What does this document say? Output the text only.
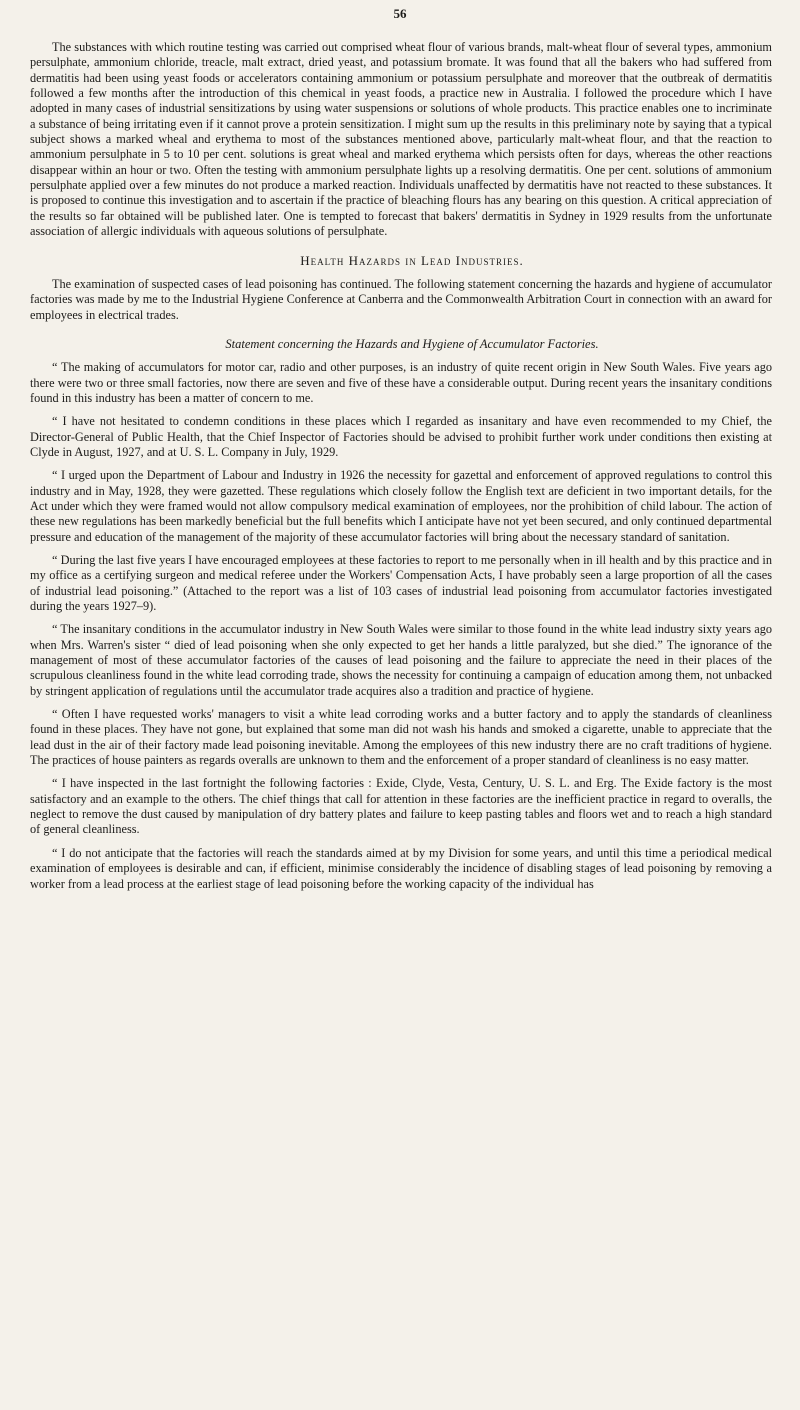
56

The substances with which routine testing was carried out comprised wheat flour of various brands, malt-wheat flour of several types, ammonium persulphate, ammonium chloride, treacle, malt extract, dried yeast, and potassium bromate. It was found that all the bakers who had suffered from dermatitis had been using yeast foods or accelerators containing ammonium or potassium persulphate and moreover that the outbreak of dermatitis followed a few months after the introduction of this chemical in yeast foods, a practice new in Australia. I followed the procedure which I have adopted in many cases of industrial sensitizations by using water suspensions or solutions of whole products. This practice enables one to incriminate a substance of being irritating even if it cannot prove a protein sensitization. I might sum up the results in this preliminary note by saying that a typical subject shows a marked wheal and erythema to most of the substances mentioned above, particularly malt-wheat flour, and that the reaction to ammonium persulphate in 5 to 10 per cent. solutions is great wheal and marked erythema which persists often for days, whereas the other reactions disappear within an hour or two. Often the testing with ammonium persulphate lights up a resolving dermatitis. One per cent. solutions of ammonium persulphate applied over a few minutes do not produce a marked reaction. Individuals unaffected by dermatitis have not reacted to these substances. It is proposed to continue this investigation and to ascertain if the practice of bleaching flours has any bearing on this question. A critical appreciation of the results so far obtained will be published later. One is tempted to forecast that bakers' dermatitis in Sydney in 1929 results from the unfortunate association of allergic individuals with aqueous solutions of persulphate.

Health Hazards in Lead Industries.

The examination of suspected cases of lead poisoning has continued. The following statement concerning the hazards and hygiene of accumulator factories was made by me to the Industrial Hygiene Conference at Canberra and the Commonwealth Arbitration Court in connection with an award for employees in electrical trades.

Statement concerning the Hazards and Hygiene of Accumulator Factories.

“ The making of accumulators for motor car, radio and other purposes, is an industry of quite recent origin in New South Wales. Five years ago there were two or three small factories, now there are seven and five of these have a considerable output. During recent years the insanitary conditions found in this industry has been a matter of concern to me.

“ I have not hesitated to condemn conditions in these places which I regarded as insanitary and have even recommended to my Chief, the Director-General of Public Health, that the Chief Inspector of Factories should be advised to prohibit further work under conditions then existing at Clyde in August, 1927, and at U. S. L. Company in July, 1929.

“ I urged upon the Department of Labour and Industry in 1926 the necessity for gazettal and enforcement of approved regulations to control this industry and in May, 1928, they were gazetted. These regulations which closely follow the English text are deficient in two important details, for the Act under which they were framed would not allow compulsory medical examination of employees, nor the prohibition of child labour. The action of these new regulations has been markedly beneficial but the full benefits which I anticipate have not yet been secured, and only continued departmental pressure and education of the management of the majority of these accumulator factories will bring about the necessary standard of sanitation.

“ During the last five years I have encouraged employees at these factories to report to me personally when in ill health and by this practice and in my office as a certifying surgeon and medical referee under the Workers' Compensation Acts, I have probably seen a large proportion of all the cases of industrial lead poisoning.” (Attached to the report was a list of 103 cases of industrial lead poisoning from accumulator factories investigated during the years 1927–9).

“ The insanitary conditions in the accumulator industry in New South Wales were similar to those found in the white lead industry sixty years ago when Mrs. Warren's sister “ died of lead poisoning when she only expected to get her hands a little paralyzed, but she died.” The ignorance of the management of most of these accumulator factories of the causes of lead poisoning and the failure to appreciate the need in their places of the scrupulous cleanliness found in the white lead corroding trade, shows the necessity for continuing a campaign of education among them, not unbacked by stringent application of regulations until the accumulator trade acquires also a tradition and practice of hygiene.

“ Often I have requested works' managers to visit a white lead corroding works and a butter factory and to apply the standards of cleanliness found in these places. They have not gone, but explained that some man did not wash his hands and smoked a cigarette, unable to appreciate that the lead dust in the air of their factory made lead poisoning inevitable. Among the employees of this new industry there are no craft traditions of hygiene. The practices of house painters as regards overalls are unknown to them and the enforcement of a proper standard of cleanliness is no easy matter.

“ I have inspected in the last fortnight the following factories : Exide, Clyde, Vesta, Century, U. S. L. and Erg. The Exide factory is the most satisfactory and an example to the others. The chief things that call for attention in these factories are the inefficient practice in regard to overalls, the neglect to remove the dust caused by manipulation of dry battery plates and failure to keep pasting tables and floors wet and to reach a high standard of general cleanliness.

“ I do not anticipate that the factories will reach the standards aimed at by my Division for some years, and until this time a periodical medical examination of employees is desirable and can, if efficient, minimise considerably the incidence of disabling stages of lead poisoning by removing a worker from a lead process at the earliest stage of lead poisoning before the working capacity of the individual has
